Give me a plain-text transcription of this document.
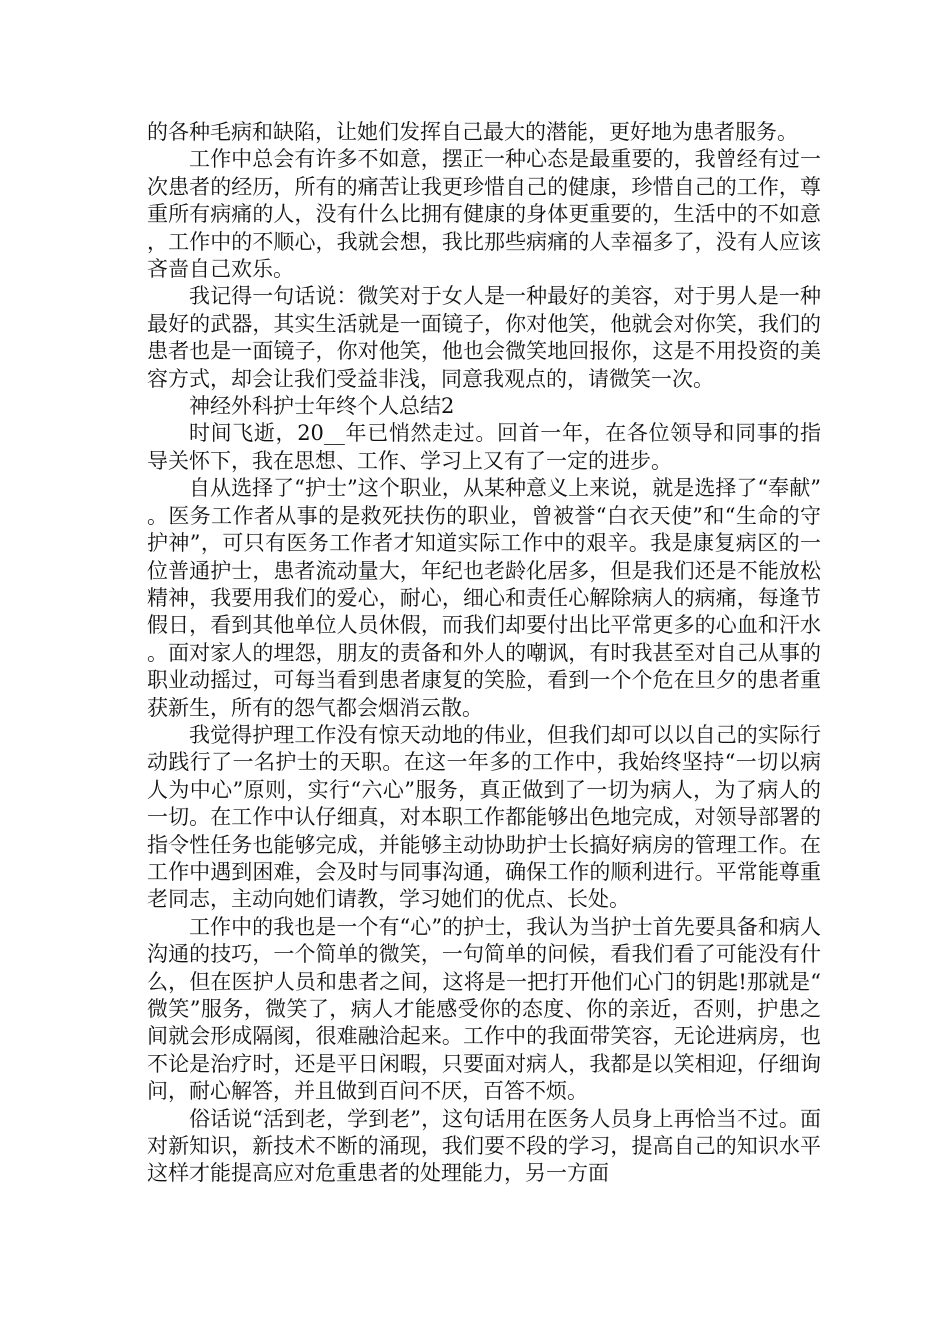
的各种毛病和缺陷，让她们发挥自己最大的潜能，更好地为患者服务。

工作中总会有许多不如意，摆正一种心态是最重要的，我曾经有过一次患者的经历，所有的痛苦让我更珍惜自己的健康，珍惜自己的工作，尊重所有病痛的人，没有什么比拥有健康的身体更重要的，生活中的不如意，工作中的不顺心，我就会想，我比那些病痛的人幸福多了，没有人应该吝啬自己欢乐。

我记得一句话说：微笑对于女人是一种最好的美容，对于男人是一种最好的武器，其实生活就是一面镜子，你对他笑，他就会对你笑，我们的患者也是一面镜子，你对他笑，他也会微笑地回报你，这是不用投资的美容方式，却会让我们受益非浅，同意我观点的，请微笑一次。

神经外科护士年终个人总结2

时间飞逝，20__年已悄然走过。回首一年，在各位领导和同事的指导关怀下，我在思想、工作、学习上又有了一定的进步。

自从选择了“护士”这个职业，从某种意义上来说，就是选择了“奉献”。医务工作者从事的是救死扶伤的职业，曾被誉“白衣天使”和“生命的守护神”，可只有医务工作者才知道实际工作中的艰辛。我是康复病区的一位普通护士，患者流动量大，年纪也老龄化居多，但是我们还是不能放松精神，我要用我们的爱心，耐心，细心和责任心解除病人的病痛，每逢节假日，看到其他单位人员休假，而我们却要付出比平常更多的心血和汗水。面对家人的埋怨，朋友的责备和外人的嘲讽，有时我甚至对自己从事的职业动摇过，可每当看到患者康复的笑脸，看到一个个危在旦夕的患者重获新生，所有的怨气都会烟消云散。

我觉得护理工作没有惊天动地的伟业，但我们却可以以自己的实际行动践行了一名护士的天职。在这一年多的工作中，我始终坚持“一切以病人为中心”原则，实行“六心”服务，真正做到了一切为病人，为了病人的一切。在工作中认仔细真，对本职工作都能够出色地完成，对领导部署的指令性任务也能够完成，并能够主动协助护士长搞好病房的管理工作。在工作中遇到困难，会及时与同事沟通，确保工作的顺利进行。平常能尊重老同志，主动向她们请教，学习她们的优点、长处。

工作中的我也是一个有“心”的护士，我认为当护士首先要具备和病人沟通的技巧，一个简单的微笑，一句简单的问候，看我们看了可能没有什么，但在医护人员和患者之间，这将是一把打开他们心门的钥匙!那就是“微笑”服务，微笑了，病人才能感受你的态度、你的亲近，否则，护患之间就会形成隔阂，很难融洽起来。工作中的我面带笑容，无论进病房，也不论是治疗时，还是平日闲暇，只要面对病人，我都是以笑相迎，仔细询问，耐心解答，并且做到百问不厌，百答不烦。

俗话说“活到老，学到老”，这句话用在医务人员身上再恰当不过。面对新知识，新技术不断的涌现，我们要不段的学习，提高自己的知识水平这样才能提高应对危重患者的处理能力，另一方面
